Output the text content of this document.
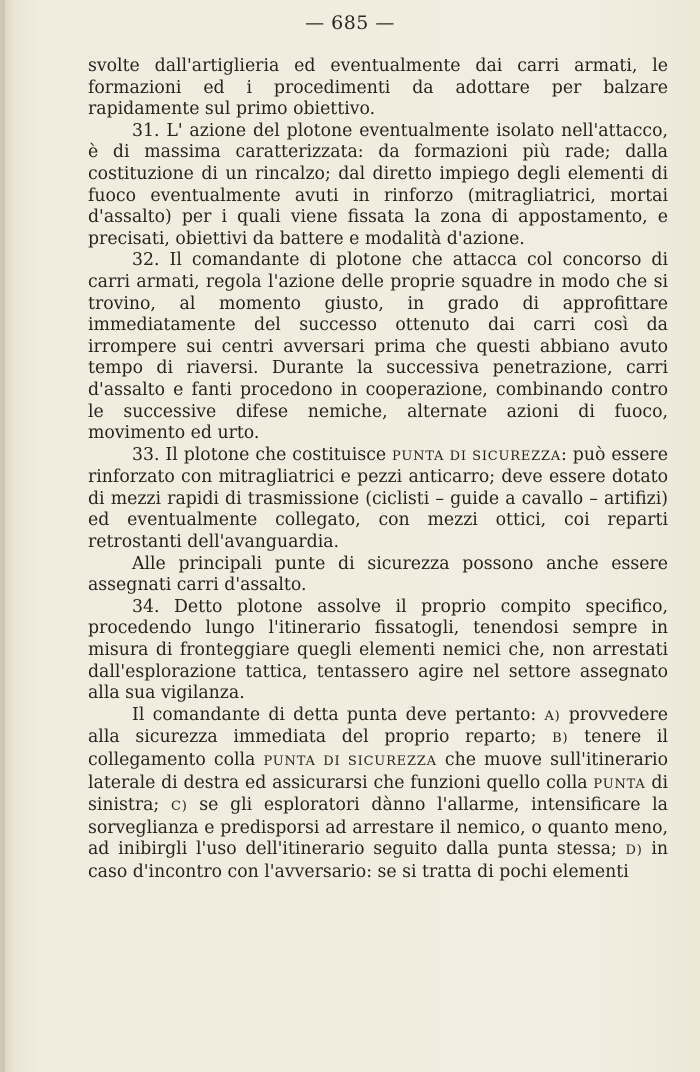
— 685 —

svolte dall'artiglieria ed eventualmente dai carri armati, le formazioni ed i procedimenti da adottare per balzare rapidamente sul primo obiettivo.

31. L' azione del plotone eventualmente isolato nell'attacco, è di massima caratterizzata: da formazioni più rade; dalla costituzione di un rincalzo; dal diretto impiego degli elementi di fuoco eventualmente avuti in rinforzo (mitragliatrici, mortai d'assalto) per i quali viene fissata la zona di appostamento, e precisati, obiettivi da battere e modalità d'azione.

32. Il comandante di plotone che attacca col concorso di carri armati, regola l'azione delle proprie squadre in modo che si trovino, al momento giusto, in grado di approfittare immediatamente del successo ottenuto dai carri così da irrompere sui centri avversari prima che questi abbiano avuto tempo di riaversi. Durante la successiva penetrazione, carri d'assalto e fanti procedono in cooperazione, combinando contro le successive difese nemiche, alternate azioni di fuoco, movimento ed urto.

33. Il plotone che costituisce PUNTA DI SICUREZZA: può essere rinforzato con mitragliatrici e pezzi anticarro; deve essere dotato di mezzi rapidi di trasmissione (ciclisti – guide a cavallo – artifizi) ed eventualmente collegato, con mezzi ottici, coi reparti retrostanti dell'avanguardia.

Alle principali punte di sicurezza possono anche essere assegnati carri d'assalto.

34. Detto plotone assolve il proprio compito specifico, procedendo lungo l'itinerario fissatogli, tenendosi sempre in misura di fronteggiare quegli elementi nemici che, non arrestati dall'esplorazione tattica, tentassero agire nel settore assegnato alla sua vigilanza.

Il comandante di detta punta deve pertanto: A) provvedere alla sicurezza immediata del proprio reparto; B) tenere il collegamento colla PUNTA DI SICUREZZA che muove sull'itinerario laterale di destra ed assicurarsi che funzioni quello colla PUNTA di sinistra; C) se gli esploratori dànno l'allarme, intensificare la sorveglianza e predisporsi ad arrestare il nemico, o quanto meno, ad inibirgli l'uso dell'itinerario seguito dalla punta stessa; D) in caso d'incontro con l'avversario: se si tratta di pochi elementi
